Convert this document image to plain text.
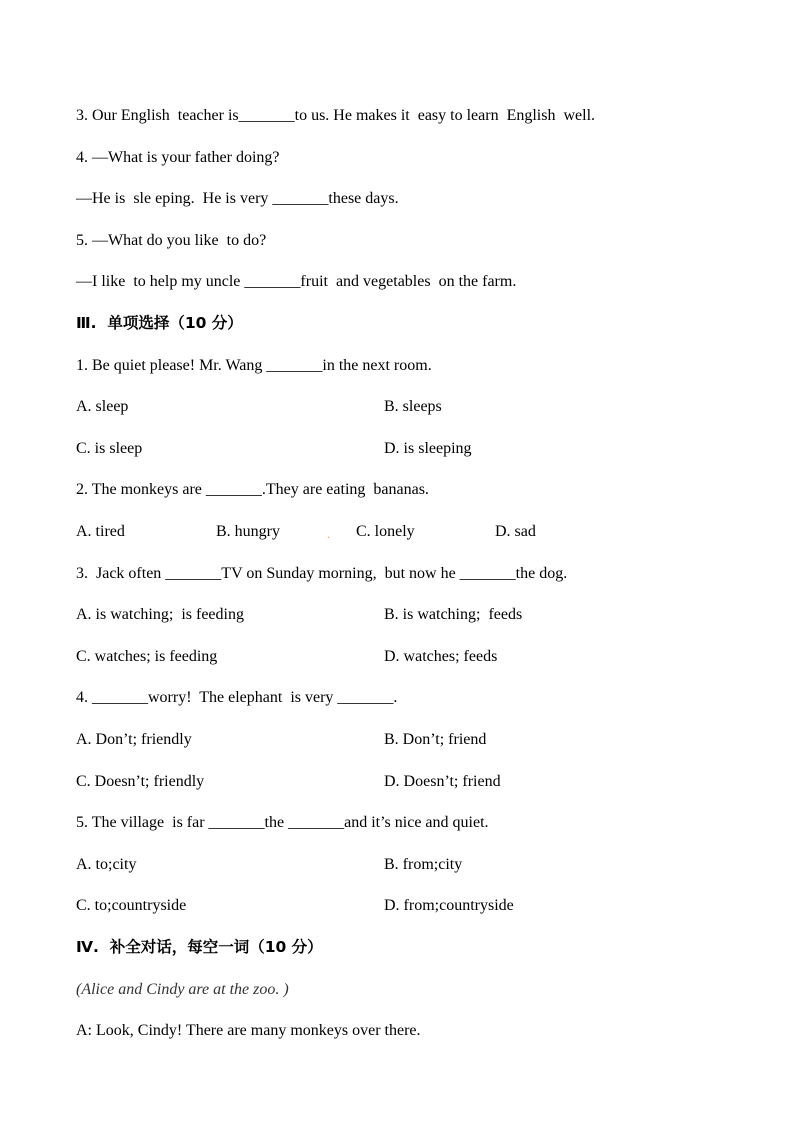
3. Our English  teacher is_______to us. He makes it  easy to learn  English  well.
4. —What is your father doing?
—He is  sle eping.  He is very _______these days.
5. —What do you like  to do?
—I like  to help my uncle _______fruit  and vegetables  on the farm.
Ⅲ.  单项选择（10 分）
1. Be quiet please! Mr. Wang _______in the next room.
A. sleep	B. sleeps
C. is sleep	D. is sleeping
2. The monkeys are _______.They are eating  bananas.
A. tired	B. hungry	. C. lonely	D. sad
3.  Jack often _______TV on Sunday morning,  but now he _______the dog.
A. is watching;  is feeding	B. is watching;  feeds
C. watches; is feeding	D. watches; feeds
4. _______worry!  The elephant  is very _______.
A. Don’t; friendly	B. Don’t; friend
C. Doesn’t; friendly	D. Doesn’t; friend
5. The village  is far _______the _______and it’s nice and quiet.
A. to;city	B. from;city
C. to;countryside	D. from;countryside
Ⅳ.  补全对话，每空一词（10 分）
(Alice and Cindy are at the zoo. )
A: Look, Cindy! There are many monkeys over there.
